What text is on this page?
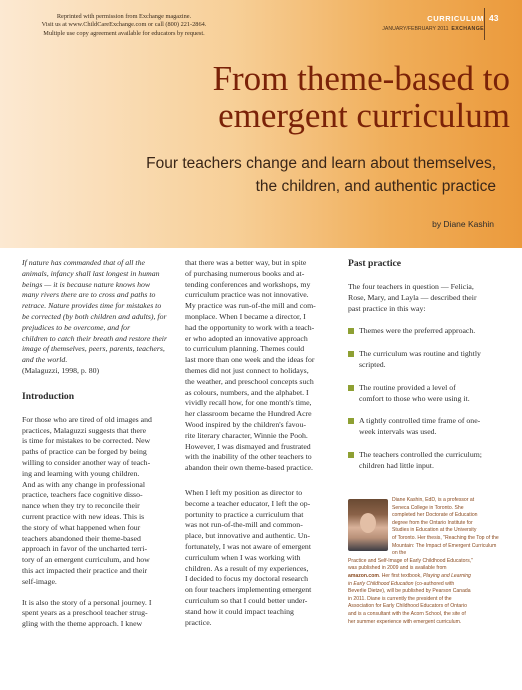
Reprinted with permission from Exchange magazine.
Visit us at www.ChildCareExchange.com or call (800) 221-2864.
Multiple use copy agreement available for educators by request.
CURRICULUM
JANUARY/FEBRUARY 2011 EXCHANGE
43
From theme-based to
emergent curriculum
Four teachers change and learn about themselves,
the children, and authentic practice
by Diane Kashin
If nature has commanded that of all the
animals, infancy shall last longest in human
beings — it is because nature knows how
many rivers there are to cross and paths to
retrace. Nature provides time for mistakes to
be corrected (by both children and adults), for
prejudices to be overcome, and for
children to catch their breath and restore their
image of themselves, peers, parents, teachers,
and the world.
(Malaguzzi, 1998, p. 80)
Introduction

For those who are tired of old images and
practices, Malaguzzi suggests that there
is time for mistakes to be corrected. New
paths of practice can be forged by being
willing to consider another way of teach-
ing and learning with young children.
And as with any change in professional
practice, teachers face cognitive disso-
nance when they try to reconcile their
current practice with new ideas. This is
the story of what happened when four
teachers abandoned their theme-based
approach in favor of the uncharted terri-
tory of an emergent curriculum, and how
this act impacted their practice and their
self-image.

It is also the story of a personal journey. I
spent years as a preschool teacher strug-
gling with the theme approach. I knew

that there was a better way, but in spite
of purchasing numerous books and at-
tending conferences and workshops, my
curriculum practice was not innovative.
My practice was run-of-the mill and com-
monplace. When I became a director, I
had the opportunity to work with a teach-
er who adopted an innovative approach
to curriculum planning. Themes could
last more than one week and the ideas for
themes did not just connect to holidays,
the weather, and preschool concepts such
as colours, numbers, and the alphabet. I
vividly recall how, for one month's time,
her classroom became the Hundred Acre
Wood inspired by the children's favou-
rite literary character, Winnie the Pooh.
However, I was dismayed and frustrated
with the inability of the other teachers to
abandon their own theme-based practice.

When I left my position as director to
become a teacher educator, I left the op-
portunity to practice a curriculum that
was not run-of-the-mill and common-
place, but innovative and authentic. Un-
fortunately, I was not aware of emergent
curriculum when I was working with
children. As a result of my experiences,
I decided to focus my doctoral research
on four teachers implementing emergent
curriculum so that I could better under-
stand how it could impact teaching
practice.

Past practice

The four teachers in question — Felicia,
Rose, Mary, and Layla — described their
past practice in this way:

Themes were the preferred approach.
The curriculum was routine and tightly
scripted.
The routine provided a level of
comfort to those who were using it.
A tightly controlled time frame of one-
week intervals was used.
The teachers controlled the curriculum;
children had little input.

Diane Kashin, EdD, is a professor at
Seneca College in Toronto. She
completed her Doctorate of Education
degree from the Ontario Institute for
Studies in Education at the University
of Toronto. Her thesis, "Reaching the Top of the
Mountain: The Impact of Emergent Curriculum on the
Practice and Self-Image of Early Childhood Educators,"
was published in 2009 and is available from
amazon.com. Her first textbook, Playing and Learning
in Early Childhood Education (co-authored with
Beverlie Dietze), will be published by Pearson Canada
in 2011. Diane is currently the president of the
Association for Early Childhood Educators of Ontario
and is a consultant with the Acorn School, the site of
her summer experience with emergent curriculum.
